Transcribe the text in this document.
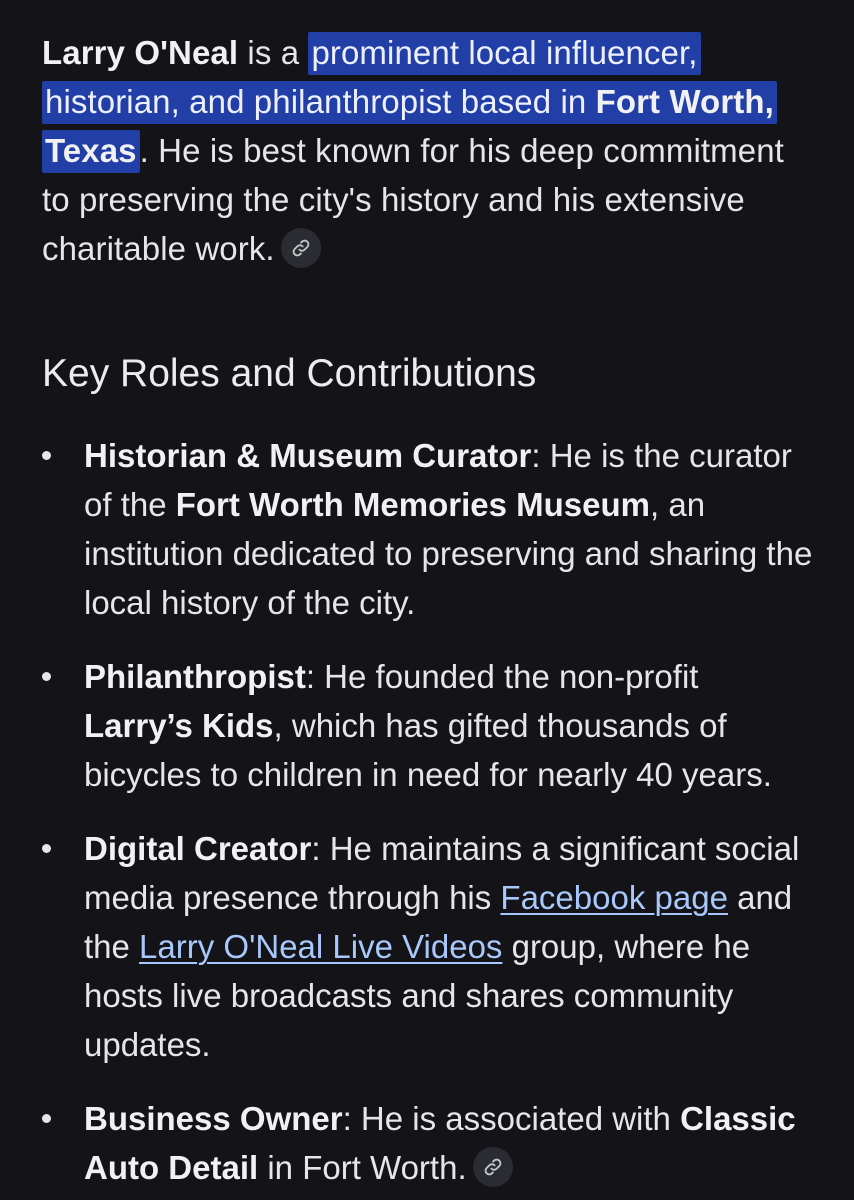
Larry O'Neal is a prominent local influencer, historian, and philanthropist based in Fort Worth, Texas. He is best known for his deep commitment to preserving the city's history and his extensive charitable work.

Key Roles and Contributions
Historian & Museum Curator: He is the curator of the Fort Worth Memories Museum, an institution dedicated to preserving and sharing the local history of the city.
Philanthropist: He founded the non-profit Larry’s Kids, which has gifted thousands of bicycles to children in need for nearly 40 years.
Digital Creator: He maintains a significant social media presence through his Facebook page and the Larry O'Neal Live Videos group, where he hosts live broadcasts and shares community updates.
Business Owner: He is associated with Classic Auto Detail in Fort Worth.
